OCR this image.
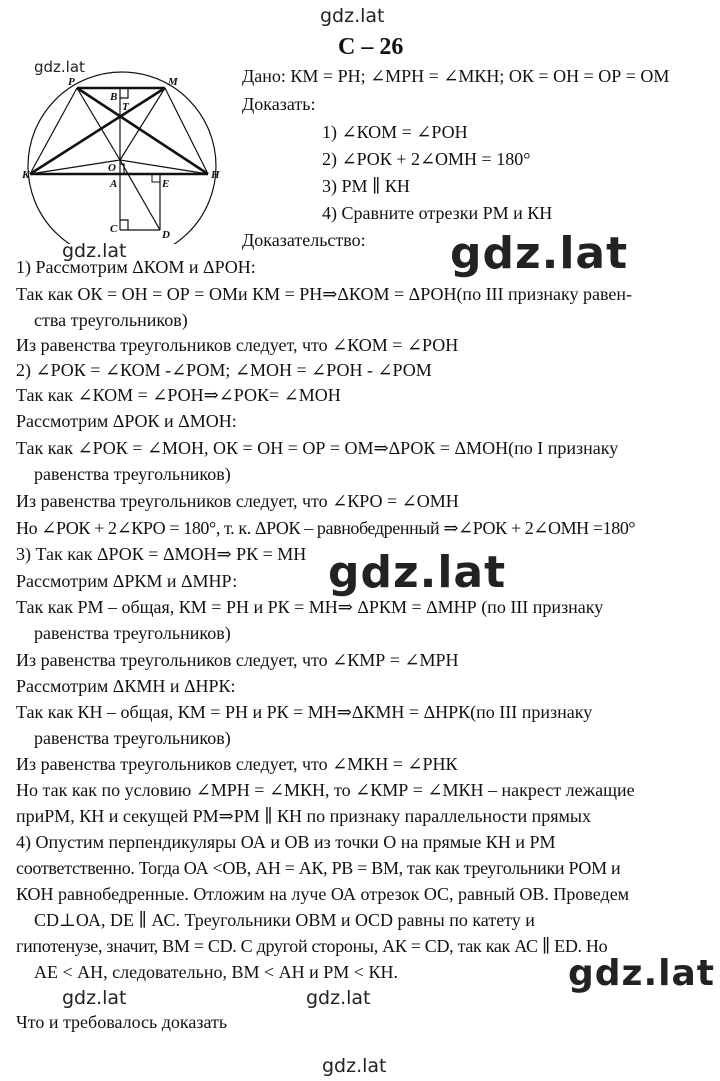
gdz.lat
gdz.lat
gdz.lat
gdz.lat
gdz.lat	gdz.lat
gdz.lat
С – 26
gdz.lat
gdz.lat
P	M
B
T
O
A
K
E
H
C	D
Дано: КМ = РН; ∠МРН = ∠МКН; ОК = ОН = ОР = ОМ
Доказать:
1) ∠КОМ = ∠РОН
2) ∠РОК + 2∠ОМН = 180°
3) РМ ∥ КН
4) Сравните отрезки РМ и КН
Доказательство:
1) Рассмотрим ΔКОМ и ΔРОН:
Так как ОК = ОН = ОР = ОМи КМ = РН⇒ΔКОМ = ΔРОН(по III признаку равен-
ства треугольников)
Из равенства треугольников следует, что ∠КОМ = ∠РОН
2) ∠РОК = ∠КОМ -∠РОМ; ∠МОН = ∠РОН - ∠РОМ
Так как ∠КОМ = ∠РОН⇒∠РОК= ∠МОН
Рассмотрим ΔРОК и ΔМОН:
Так как ∠РОК = ∠МОН, ОК = ОН = ОР = ОМ⇒ΔРОК = ΔМОН(по I признаку
равенства треугольников)
Из равенства треугольников следует, что ∠КРО = ∠ОМН
Но ∠РОК + 2∠КРО = 180°, т. к. ΔРОК – равнобедренный ⇒∠РОК + 2∠ОМН =180°
3) Так как ΔРОК = ΔМОН⇒ РК = МН
Рассмотрим ΔРКМ и ΔМНР:
Так как РМ – общая, КМ = РН и РК = МН⇒ ΔРКМ = ΔМНР (по III признаку
равенства треугольников)
Из равенства треугольников следует, что ∠КМР = ∠МРН
Рассмотрим ΔКМН и ΔНРК:
Так как КН – общая, КМ = РН и РК = МН⇒ΔКМН = ΔНРК(по III признаку
равенства треугольников)
Из равенства треугольников следует, что ∠МКН = ∠РНК
Но так как по условию ∠МРН = ∠МКН, то ∠КМР = ∠МКН – накрест лежащие
приРМ, КН и секущей РМ⇒РМ ∥ КН по признаку параллельности прямых
4) Опустим перпендикуляры ОА и ОВ из точки О на прямые КН и РМ
соответственно. Тогда ОА <ОВ, АН = АК, РВ = ВМ, так как треугольники РОМ и
КОН равнобедренные. Отложим на луче ОА отрезок ОС, равный ОВ. Проведем
CD⊥ОА, DE ∥ АС. Треугольники ОВМ и OCD равны по катету и
гипотенузе, значит, ВМ = CD. С другой стороны, АК = CD, так как АС ∥ ED. Но
АЕ < АН, следовательно, ВМ < АН и РМ < КН.
Что и требовалось доказать
